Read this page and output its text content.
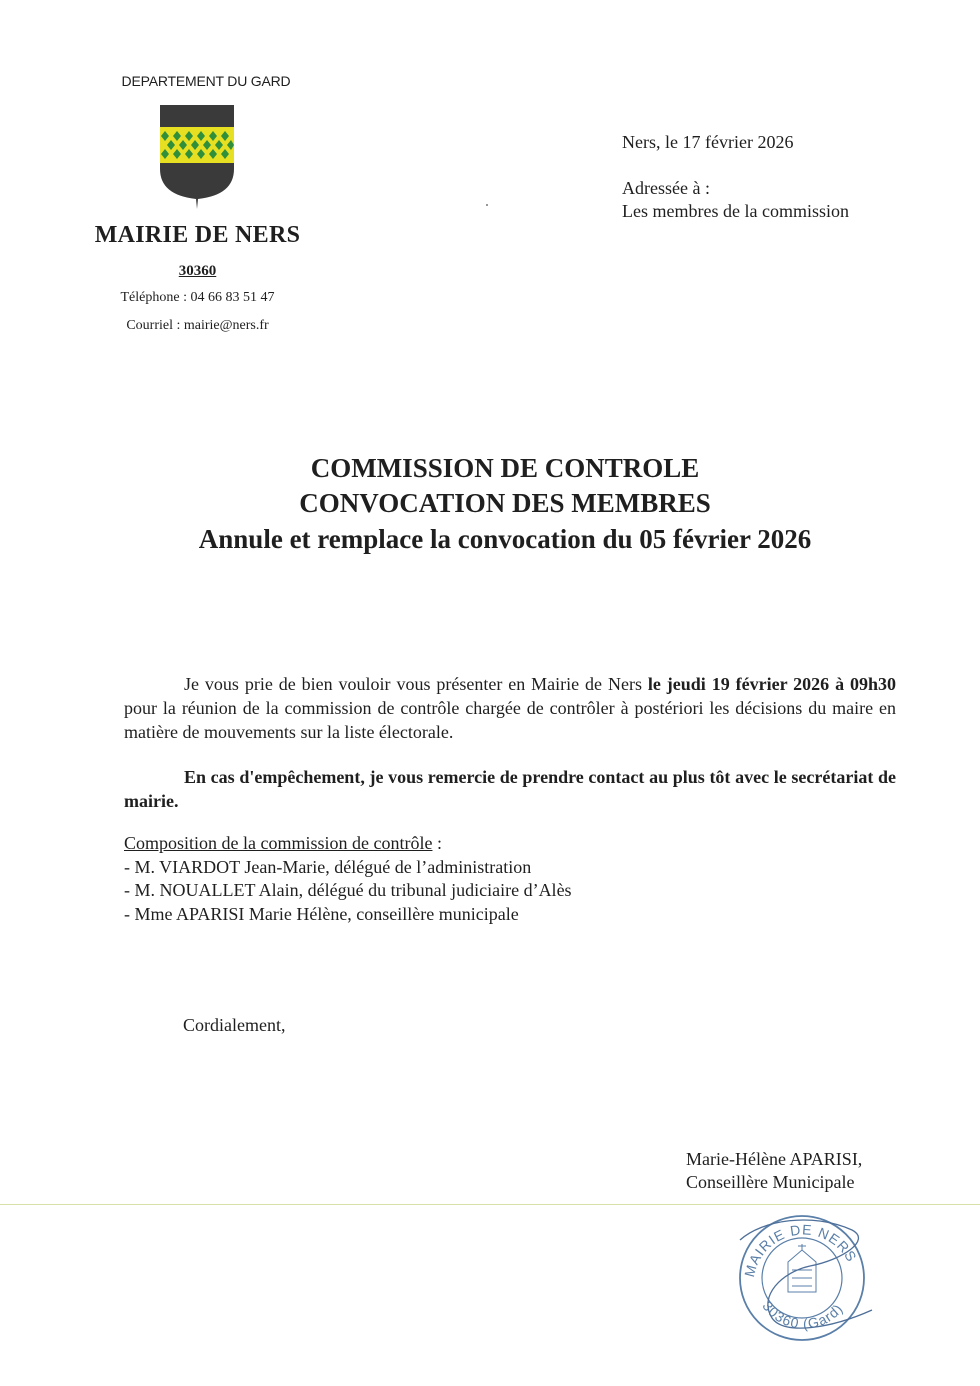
DEPARTEMENT DU GARD
MAIRIE DE NERS
30360
Téléphone : 04 66 83 51 47
Courriel : mairie@ners.fr
Ners, le 17 février 2026
Adressée à :
Les membres de la commission
COMMISSION DE CONTROLE
CONVOCATION DES MEMBRES
Annule et remplace la convocation du 05 février 2026
Je vous prie de bien vouloir vous présenter en Mairie de Ners le jeudi 19 février 2026 à 09h30 pour la réunion de la commission de contrôle chargée de contrôler à postériori les décisions du maire en matière de mouvements sur la liste électorale.
En cas d'empêchement, je vous remercie de prendre contact au plus tôt avec le secrétariat de mairie.
Composition de la commission de contrôle :
- M. VIARDOT Jean-Marie, délégué de l’administration
- M. NOUALLET Alain, délégué du tribunal judiciaire d’Alès
- Mme APARISI Marie Hélène, conseillère municipale
Cordialement,
Marie-Hélène APARISI,
Conseillère Municipale
MAIRIE DE NERS
30360 (Gard)
